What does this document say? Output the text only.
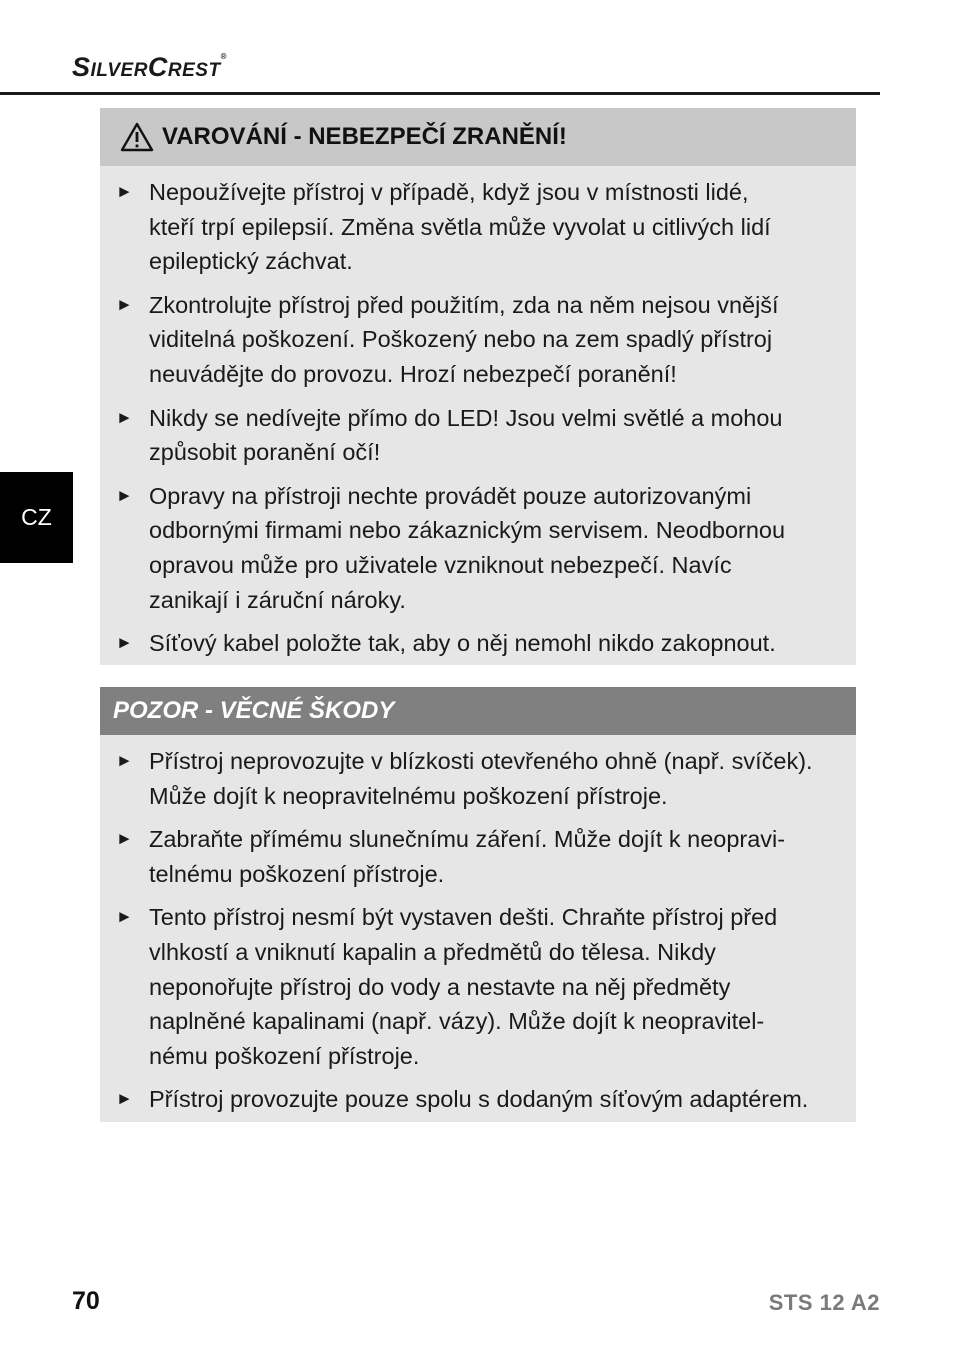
SilverCrest®
CZ
VAROVÁNÍ - NEBEZPEČÍ ZRANĚNÍ!
► Nepoužívejte přístroj v případě, když jsou v místnosti lidé,
kteří trpí epilepsií. Změna světla může vyvolat u citlivých lidí
epileptický záchvat.
► Zkontrolujte přístroj před použitím, zda na něm nejsou vnější
viditelná poškození. Poškozený nebo na zem spadlý přístroj
neuvádějte do provozu. Hrozí nebezpečí poranění!
► Nikdy se nedívejte přímo do LED! Jsou velmi světlé a mohou
způsobit poranění očí!
► Opravy na přístroji nechte provádět pouze autorizovanými
odbornými firmami nebo zákaznickým servisem. Neodbornou
opravou může pro uživatele vzniknout nebezpečí. Navíc
zanikají i záruční nároky.
► Síťový kabel položte tak, aby o něj nemohl nikdo zakopnout.
POZOR - VĚCNÉ ŠKODY
► Přístroj neprovozujte v blízkosti otevřeného ohně (např. svíček).
Může dojít k neopravitelnému poškození přístroje.
► Zabraňte přímému slunečnímu záření. Může dojít k neopravi-
telnému poškození přístroje.
► Tento přístroj nesmí být vystaven dešti. Chraňte přístroj před
vlhkostí a vniknutí kapalin a předmětů do tělesa. Nikdy
neponořujte přístroj do vody a nestavte na něj předměty
naplněné kapalinami (např. vázy). Může dojít k neopravitel-
nému poškození přístroje.
► Přístroj provozujte pouze spolu s dodaným síťovým adaptérem.
70	STS 12 A2
